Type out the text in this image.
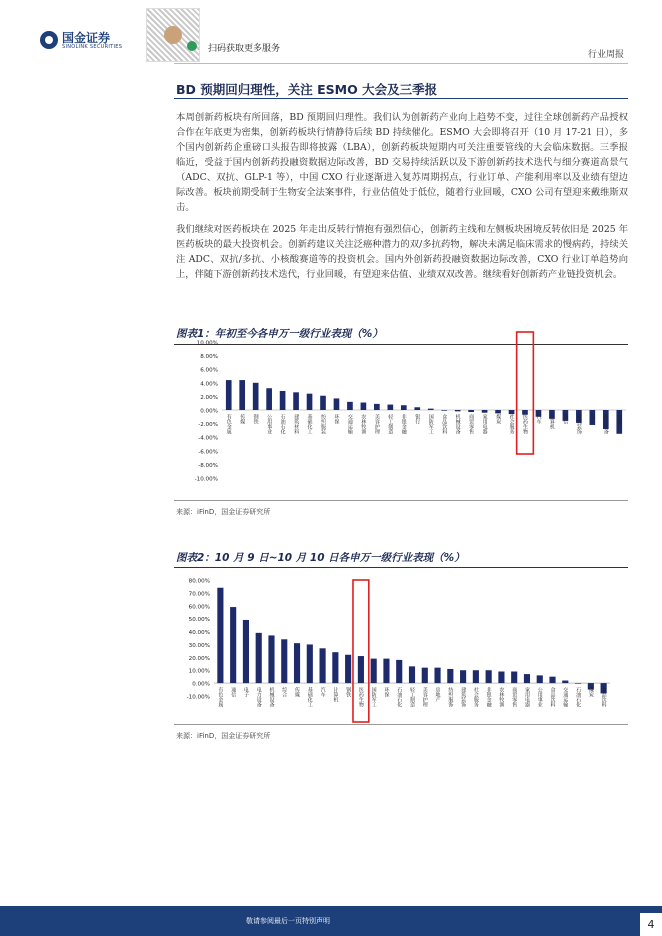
国金证券
SINOLINK SECURITIES	扫码获取更多服务
行业周报
BD 预期回归理性，关注 ESMO 大会及三季报

本周创新药板块有所回落，BD 预期回归理性。我们认为创新药产业向上趋势不变，过往全球创新药产品授权合作在年底更为密集，创新药板块行情静待后续 BD 持续催化。ESMO 大会即将召开（10 月 17-21 日），多个国内创新药企重磅口头报告即将披露（LBA），创新药板块短期内可关注重要管线的大会临床数据。三季报临近，受益于国内创新药投融资数据边际改善，BD 交易持续活跃以及下游创新药技术迭代与细分赛道高景气（ADC、双抗、GLP-1 等），中国 CXO 行业逐渐进入复苏周期拐点，行业订单、产能利用率以及业绩有望边际改善。板块前期受制于生物安全法案事件，行业估值处于低位，随着行业回暖，CXO 公司有望迎来戴维斯双击。

我们继续对医药板块在 2025 年走出反转行情抱有强烈信心，创新药主线和左侧板块困境反转依旧是 2025 年医药板块的最大投资机会。创新药建议关注泛癌种潜力的双/多抗药物，解决未满足临床需求的慢病药，持续关注 ADC、双抗/多抗、小核酸赛道等的投资机会。国内外创新药投融资数据边际改善，CXO 行业订单趋势向上，伴随下游创新药技术迭代，行业回暖，有望迎来估值、业绩双双改善。继续看好创新药产业链投资机会。

图表1：年初至今各申万一级行业表现（%）
10.00%
8.00%
6.00%
4.00%
2.00%
0.00%
-2.00%
-4.00%
-6.00%
-8.00%
-10.00%
有色金属 传媒 钢铁 公用事业 石油石化 建筑材料 基础化工 纺织服装 环保 交通运输 农林牧渔 美容护理 轻工制造 非银金融 银行 国防军工 食品饮料 机械设备 商贸零售 家用电器 煤炭 社会服务 医药生物 汽车 计算机 通信 建筑装饰 电子 电力设备 房地产
来源：iFinD，国金证券研究所
图表2：10 月 9 日~10 月 10 日各申万一级行业表现（%）
80.00%
70.00%
60.00%
50.00%
40.00%
30.00%
20.00%
10.00%
0.00%
-10.00% 有色金属 通信 电子 电力设备 机械设备 综合 传媒 基础化工 汽车 计算机 钢铁 医药生物 国防军工 环保 石油石化 轻工制造 美容护理 房地产 纺织服饰 建筑装饰 社会服务 非银金融 农林牧渔 商贸零售 家用电器 公用事业 食品饮料 交通运输 石油石化 煤炭 食品饮料
来源：iFinD，国金证券研究所
敬请参阅最后一页特别声明	4
